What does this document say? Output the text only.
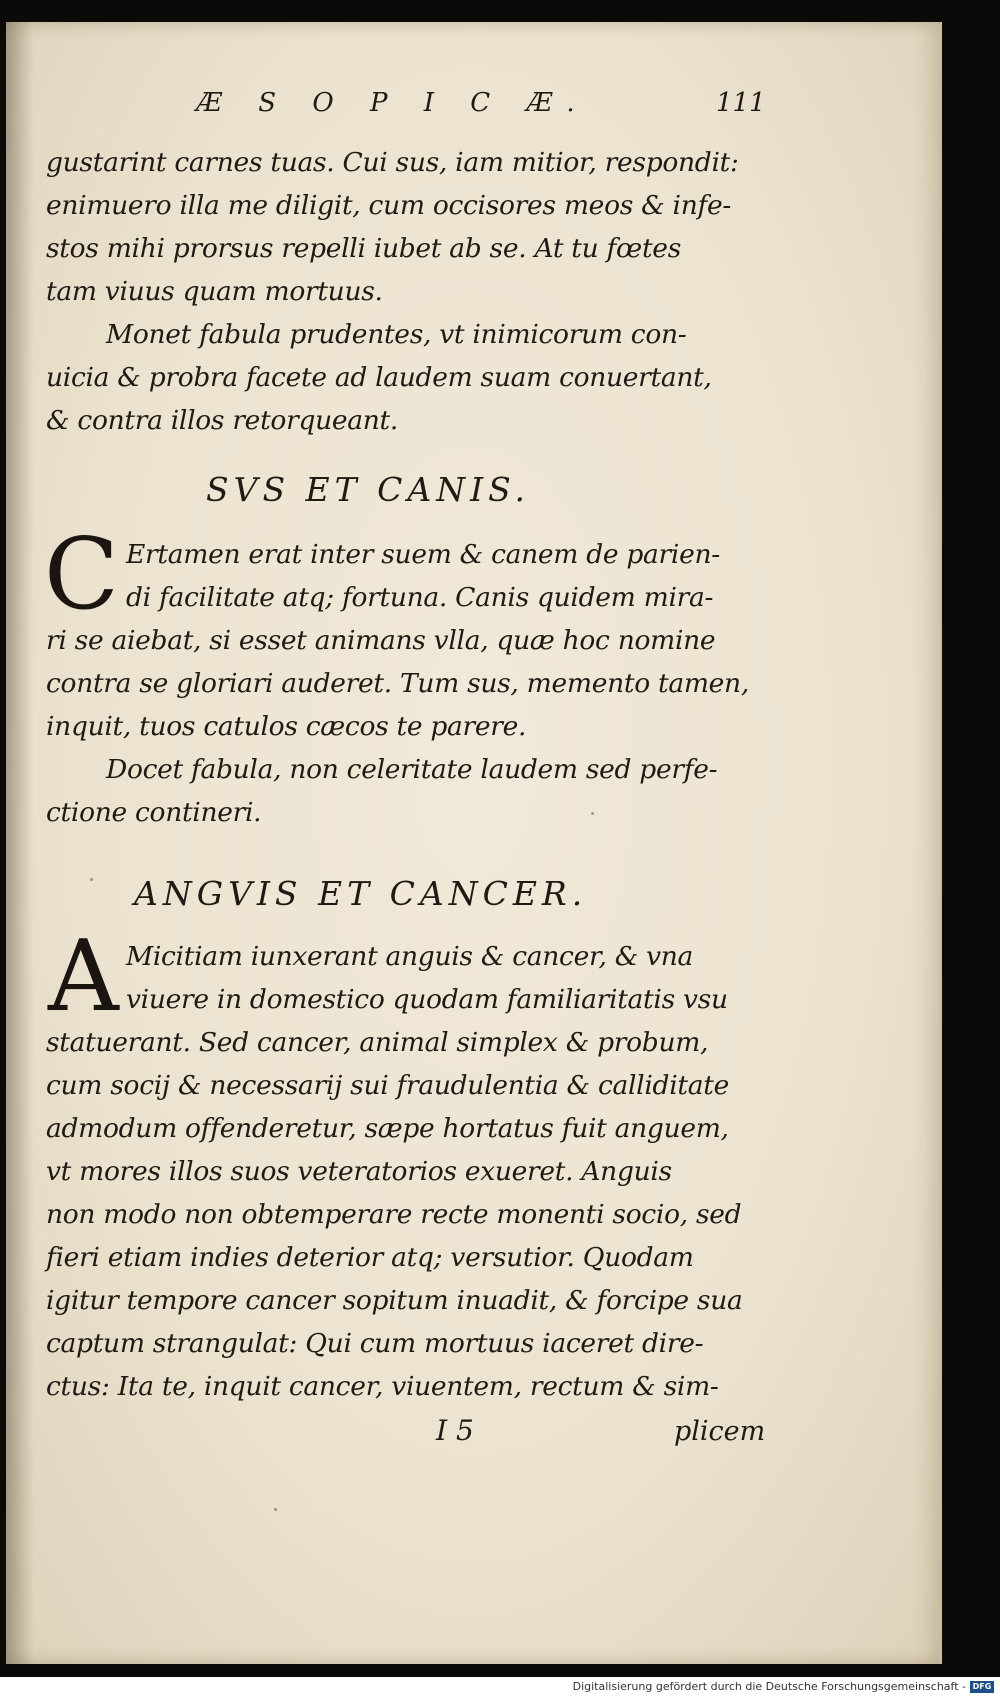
Æ S O P I C Æ.	111
gustarint carnes tuas. Cui sus, iam mitior, respondit:
enimuero illa me diligit, cum occisores meos & infe-
stos mihi prorsus repelli iubet ab se. At tu fœtes
tam viuus quam mortuus.
Monet fabula prudentes, vt inimicorum con-
uicia & probra facete ad laudem suam conuertant,
& contra illos retorqueant.
SVS ET CANIS.
C Ertamen erat inter suem & canem de parien-
di facilitate atq; fortuna. Canis quidem mira-
ri se aiebat, si esset animans vlla, quæ hoc nomine
contra se gloriari auderet. Tum sus, memento tamen,
inquit, tuos catulos cæcos te parere.
Docet fabula, non celeritate laudem sed perfe-
ctione contineri.
ANGVIS ET CANCER.
A Micitiam iunxerant anguis & cancer, & vna
viuere in domestico quodam familiaritatis vsu
statuerant. Sed cancer, animal simplex & probum,
cum socij & necessarij sui fraudulentia & calliditate
admodum offenderetur, sæpe hortatus fuit anguem,
vt mores illos suos veteratorios exueret. Anguis
non modo non obtemperare recte monenti socio, sed
fieri etiam indies deterior atq; versutior. Quodam
igitur tempore cancer sopitum inuadit, & forcipe sua
captum strangulat: Qui cum mortuus iaceret dire-
ctus: Ita te, inquit cancer, viuentem, rectum & sim-
I 5	plicem
Digitalisierung gefördert durch die Deutsche Forschungsgemeinschaft - DFG
